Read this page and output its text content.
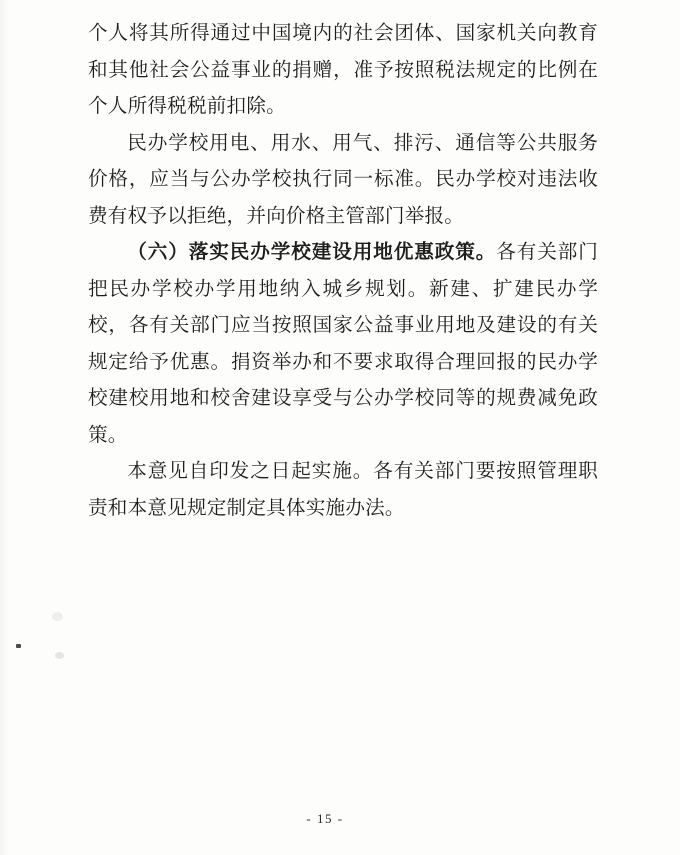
个人将其所得通过中国境内的社会团体、国家机关向教育和其他社会公益事业的捐赠，准予按照税法规定的比例在个人所得税税前扣除。

民办学校用电、用水、用气、排污、通信等公共服务价格，应当与公办学校执行同一标准。民办学校对违法收费有权予以拒绝，并向价格主管部门举报。

（六）落实民办学校建设用地优惠政策。各有关部门把民办学校办学用地纳入城乡规划。新建、扩建民办学校，各有关部门应当按照国家公益事业用地及建设的有关规定给予优惠。捐资举办和不要求取得合理回报的民办学校建校用地和校舍建设享受与公办学校同等的规费减免政策。

本意见自印发之日起实施。各有关部门要按照管理职责和本意见规定制定具体实施办法。

- 15 -
